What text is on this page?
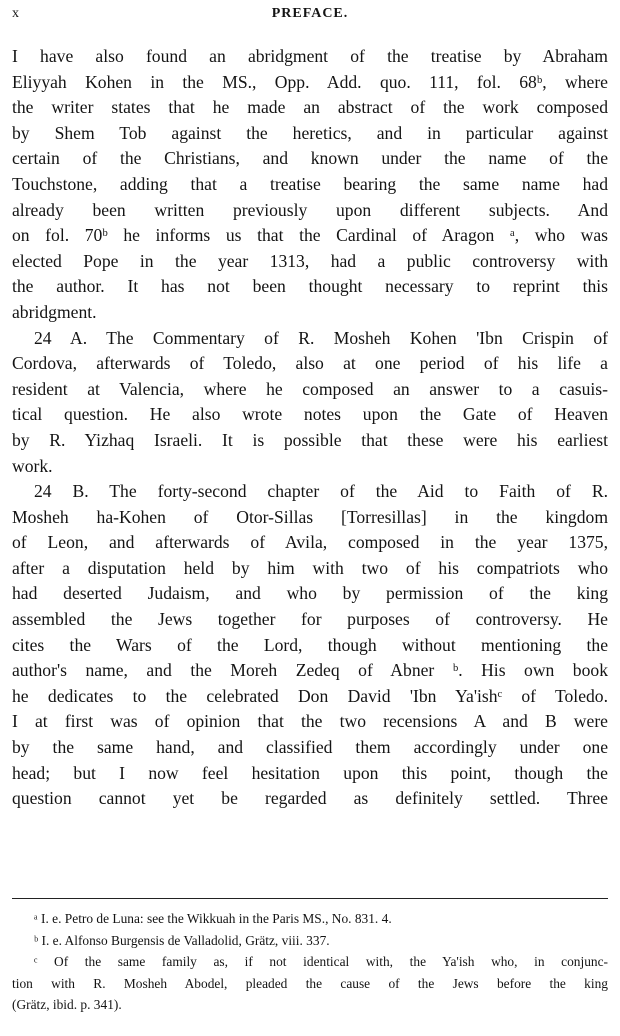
x	PREFACE.
I have also found an abridgment of the treatise by Abraham
Eliyyah Kohen in the MS., Opp. Add. quo. 111, fol. 68ᵇ, where
the writer states that he made an abstract of the work composed
by Shem Tob against the heretics, and in particular against
certain of the Christians, and known under the name of the
Touchstone, adding that a treatise bearing the same name had
already been written previously upon different subjects. And
on fol. 70ᵇ he informs us that the Cardinal of Aragon ᵃ, who was
elected Pope in the year 1313, had a public controversy with
the author. It has not been thought necessary to reprint this
abridgment.
24 A. The Commentary of R. Mosheh Kohen 'Ibn Crispin of
Cordova, afterwards of Toledo, also at one period of his life a
resident at Valencia, where he composed an answer to a casuis-
tical question. He also wrote notes upon the Gate of Heaven
by R. Yizhaq Israeli. It is possible that these were his earliest
work.
24 B. The forty-second chapter of the Aid to Faith of R.
Mosheh ha-Kohen of Otor-Sillas [Torresillas] in the kingdom
of Leon, and afterwards of Avila, composed in the year 1375,
after a disputation held by him with two of his compatriots who
had deserted Judaism, and who by permission of the king
assembled the Jews together for purposes of controversy. He
cites the Wars of the Lord, though without mentioning the
author's name, and the Moreh Zedeq of Abner ᵇ. His own book
he dedicates to the celebrated Don David 'Ibn Ya'ishᶜ of Toledo.
I at first was of opinion that the two recensions A and B were
by the same hand, and classified them accordingly under one
head; but I now feel hesitation upon this point, though the
question cannot yet be regarded as definitely settled. Three
ᵃ I. e. Petro de Luna: see the Wikkuah in the Paris MS., No. 831. 4.
ᵇ I. e. Alfonso Burgensis de Valladolid, Grätz, viii. 337.
ᶜ Of the same family as, if not identical with, the Ya'ish who, in conjunc-
tion with R. Mosheh Abodel, pleaded the cause of the Jews before the king
(Grätz, ibid. p. 341).
